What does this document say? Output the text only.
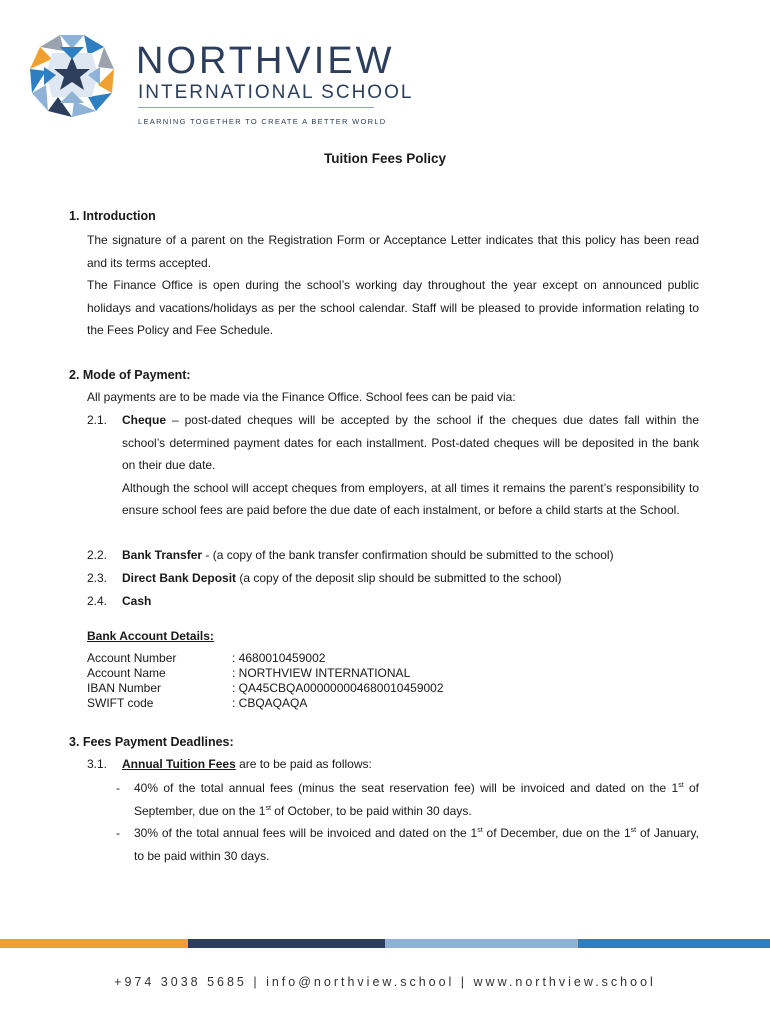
NORTHVIEW
INTERNATIONAL SCHOOL
LEARNING TOGETHER TO CREATE A BETTER WORLD
Tuition Fees Policy
1. Introduction
The signature of a parent on the Registration Form or Acceptance Letter indicates that this policy has been read and its terms accepted.
The Finance Office is open during the school’s working day throughout the year except on announced public holidays and vacations/holidays as per the school calendar. Staff will be pleased to provide information relating to the Fees Policy and Fee Schedule.
2. Mode of Payment:
All payments are to be made via the Finance Office. School fees can be paid via:
2.1. Cheque – post-dated cheques will be accepted by the school if the cheques due dates fall within the school’s determined payment dates for each installment. Post-dated cheques will be deposited in the bank on their due date.
Although the school will accept cheques from employers, at all times it remains the parent’s responsibility to ensure school fees are paid before the due date of each instalment, or before a child starts at the School.
2.2. Bank Transfer - (a copy of the bank transfer confirmation should be submitted to the school)
2.3. Direct Bank Deposit (a copy of the deposit slip should be submitted to the school)
2.4. Cash
Bank Account Details:
Account Number	: 4680010459002
Account Name	: NORTHVIEW INTERNATIONAL
IBAN Number	: QA45CBQA000000004680010459002
SWIFT code	: CBQAQAQA
3. Fees Payment Deadlines:
3.1. Annual Tuition Fees are to be paid as follows:
- 40% of the total annual fees (minus the seat reservation fee) will be invoiced and dated on the 1st of September, due on the 1st of October, to be paid within 30 days.
- 30% of the total annual fees will be invoiced and dated on the 1st of December, due on the 1st of January, to be paid within 30 days.
+974 3038 5685 | info@northview.school | www.northview.school
